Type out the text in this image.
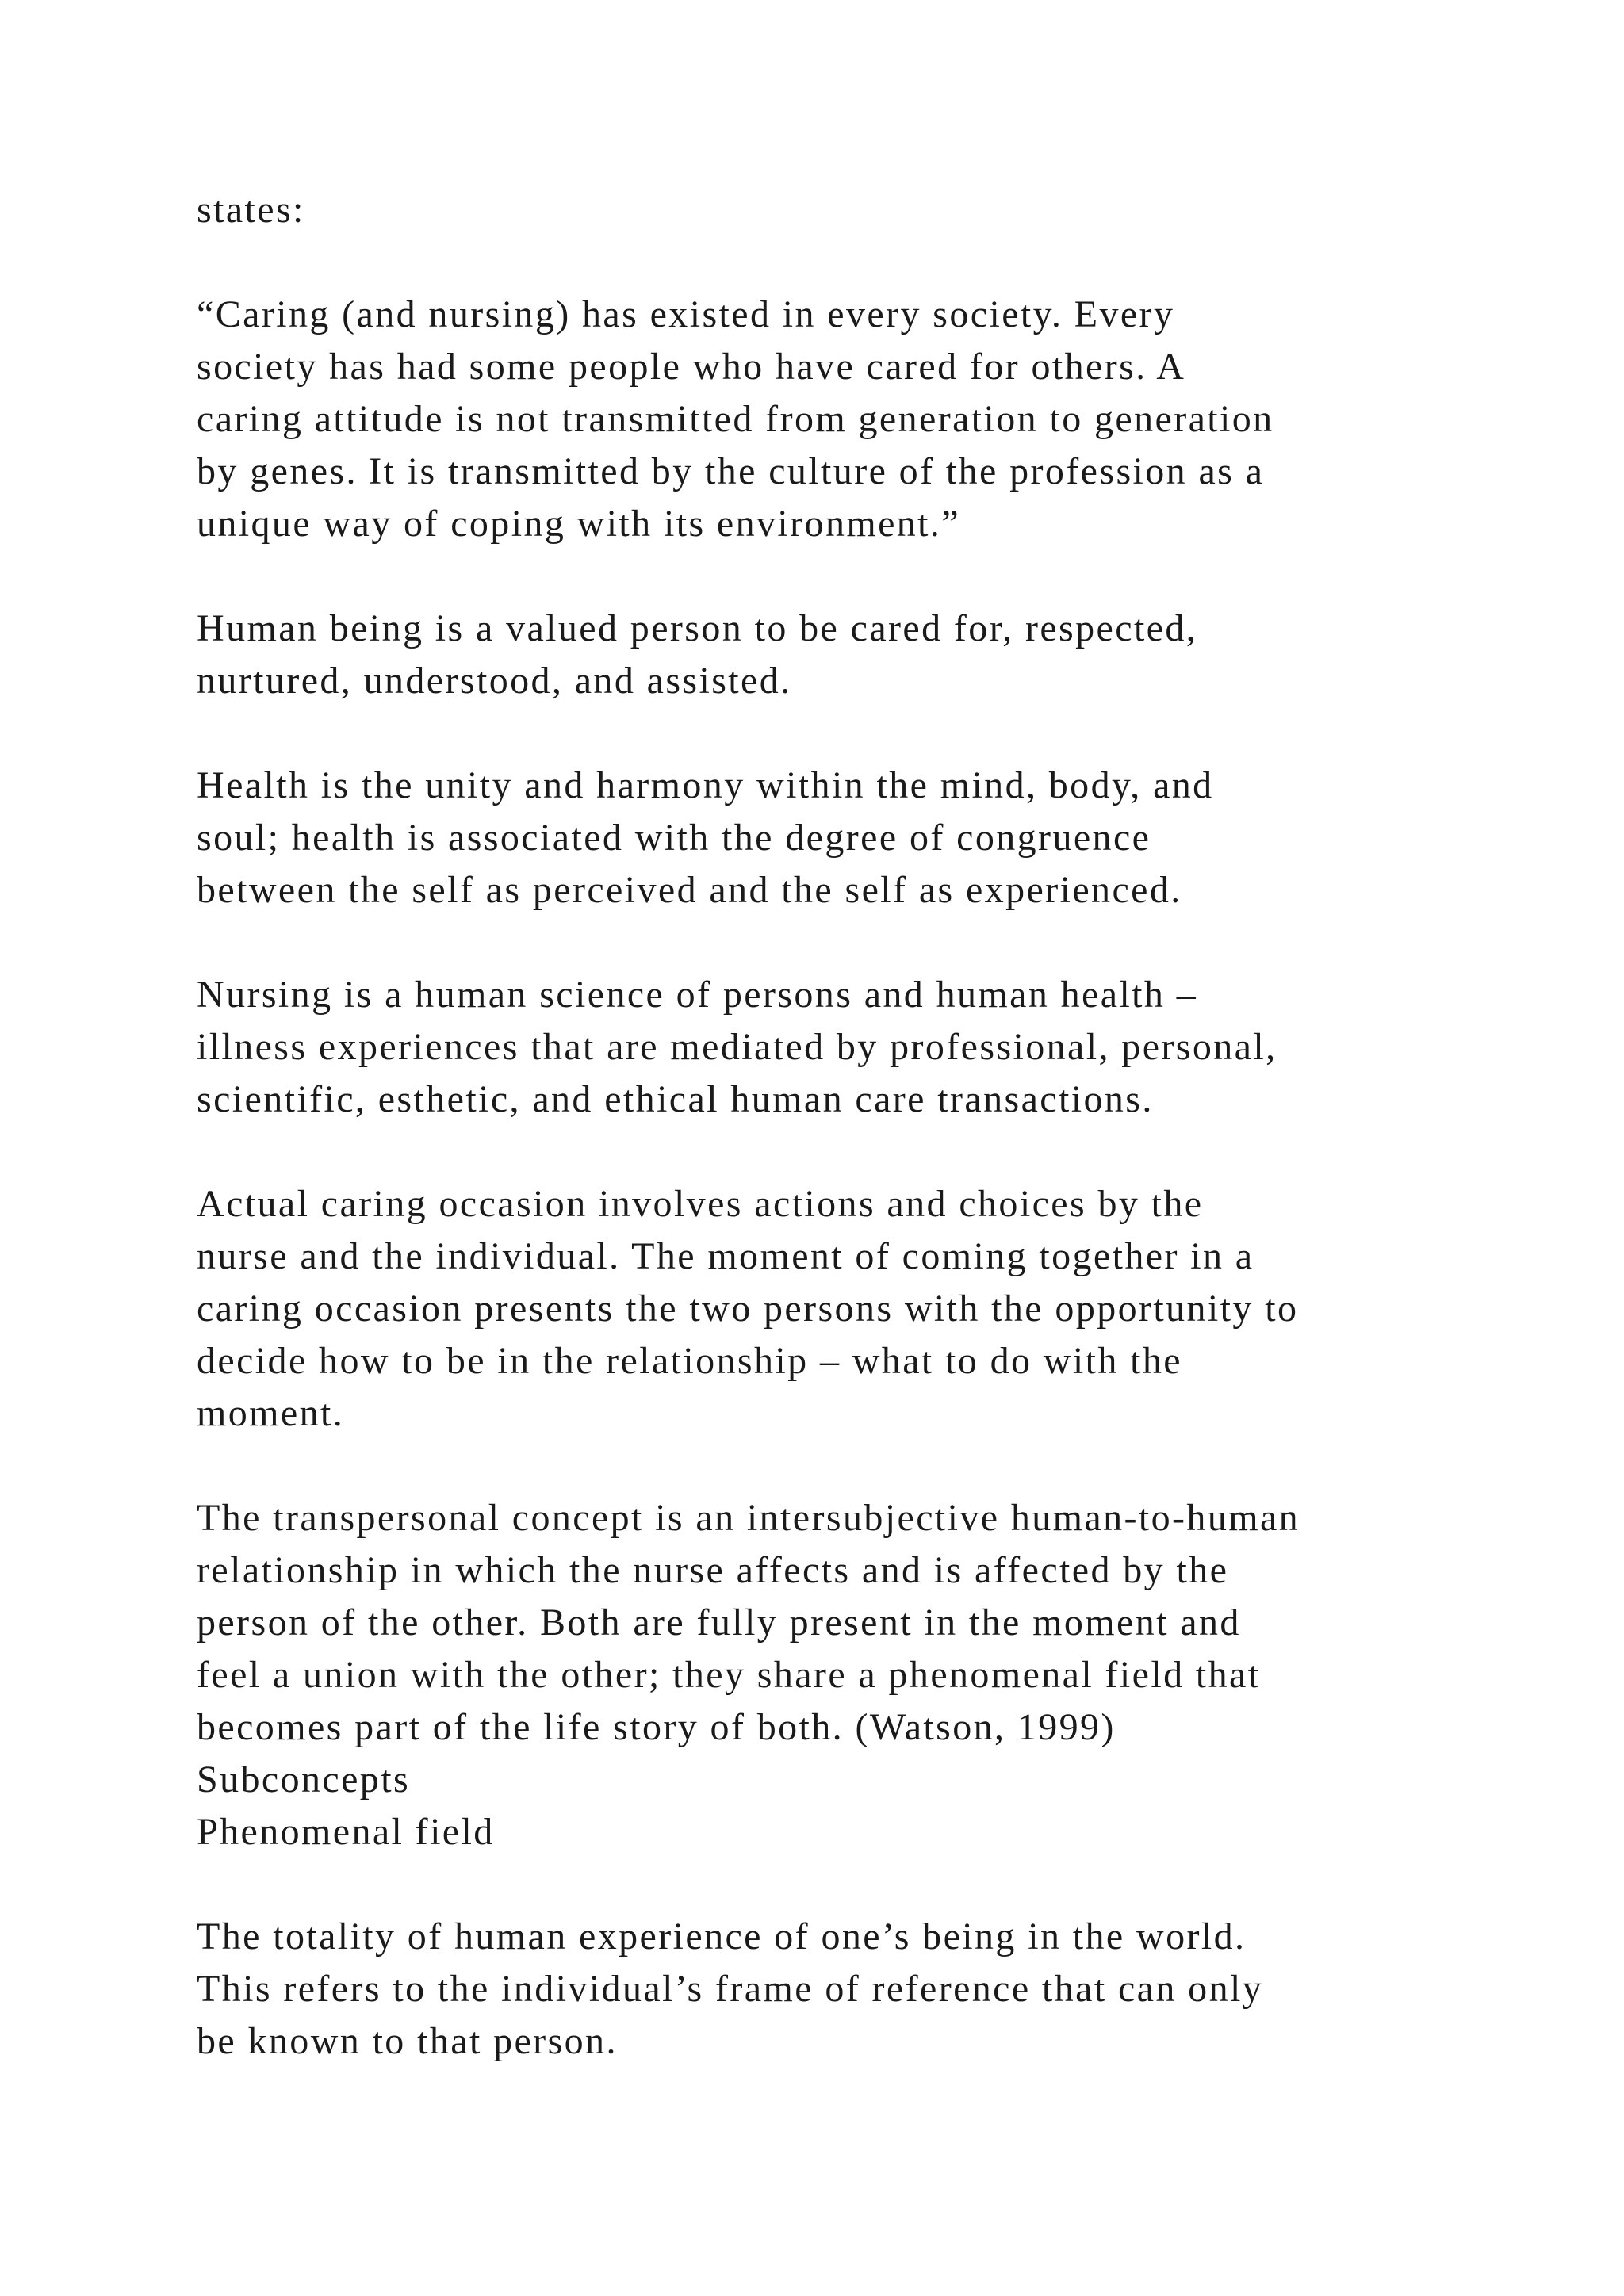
states:
“Caring (and nursing) has existed in every society. Every
society has had some people who have cared for others. A
caring attitude is not transmitted from generation to generation
by genes. It is transmitted by the culture of the profession as a
unique way of coping with its environment.”
Human being is a valued person to be cared for, respected,
nurtured, understood, and assisted.
Health is the unity and harmony within the mind, body, and
soul; health is associated with the degree of congruence
between the self as perceived and the self as experienced.
Nursing is a human science of persons and human health –
illness experiences that are mediated by professional, personal,
scientific, esthetic, and ethical human care transactions.
Actual caring occasion involves actions and choices by the
nurse and the individual. The moment of coming together in a
caring occasion presents the two persons with the opportunity to
decide how to be in the relationship – what to do with the
moment.
The transpersonal concept is an intersubjective human-to-human
relationship in which the nurse affects and is affected by the
person of the other. Both are fully present in the moment and
feel a union with the other; they share a phenomenal field that
becomes part of the life story of both. (Watson, 1999)
Subconcepts
Phenomenal field
The totality of human experience of one’s being in the world.
This refers to the individual’s frame of reference that can only
be known to that person.
